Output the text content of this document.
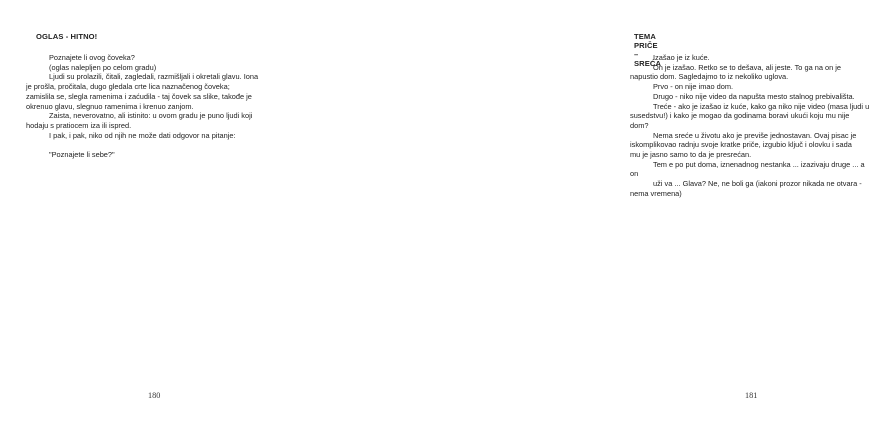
OGLAS - HITNO!
Poznajete li ovog čoveka?
(oglas nalepljen po celom gradu)
Ljudi su prolazili, čitali, zagledali, razmišljali i okretali glavu. Iona
je prošla, pročitala, dugo gledala crte lica naznačenog čoveka;
zamislila se, slegla ramenima i zaćudila - taj čovek sa slike, takođe je
okrenuo glavu, slegnuo ramenima i krenuo zanjom.
Zaista, neverovatno, ali istinito: u ovom gradu je puno ljudi koji
hodaju s pratiocem iza ili ispred.
I pak, i pak, niko od njih ne može dati odgovor na pitanje:
"Poznajete li sebe?"
180
TEMA PRIČE – SREĆA
Izašao je iz kuće.
On je izašao. Retko se to dešava, ali jeste. To ga na on je
napustio dom. Sagledajmo to iz nekoliko uglova.
Prvo - on nije imao dom.
Drugo - niko nije video da napušta mesto stalnog prebivališta.
Treće - ako je izašao iz kuće, kako ga niko nije video (masa ljudi u
susedstvu!) i kako je mogao da godinama boravi ukući koju mu nije
dom?
Nema sreće u životu ako je previše jednostavan. Ovaj pisac je
iskomplikovao radnju svoje kratke priče, izgubio ključ i olovku i sada
mu je jasno samo to da je presrećan.
Tem e po put doma, iznenadnog nestanka ... izazivaju druge ... a
on
uži va ... Glava? Ne, ne boli ga (iakoni prozor nikada ne otvara -
nema vremena)
181
